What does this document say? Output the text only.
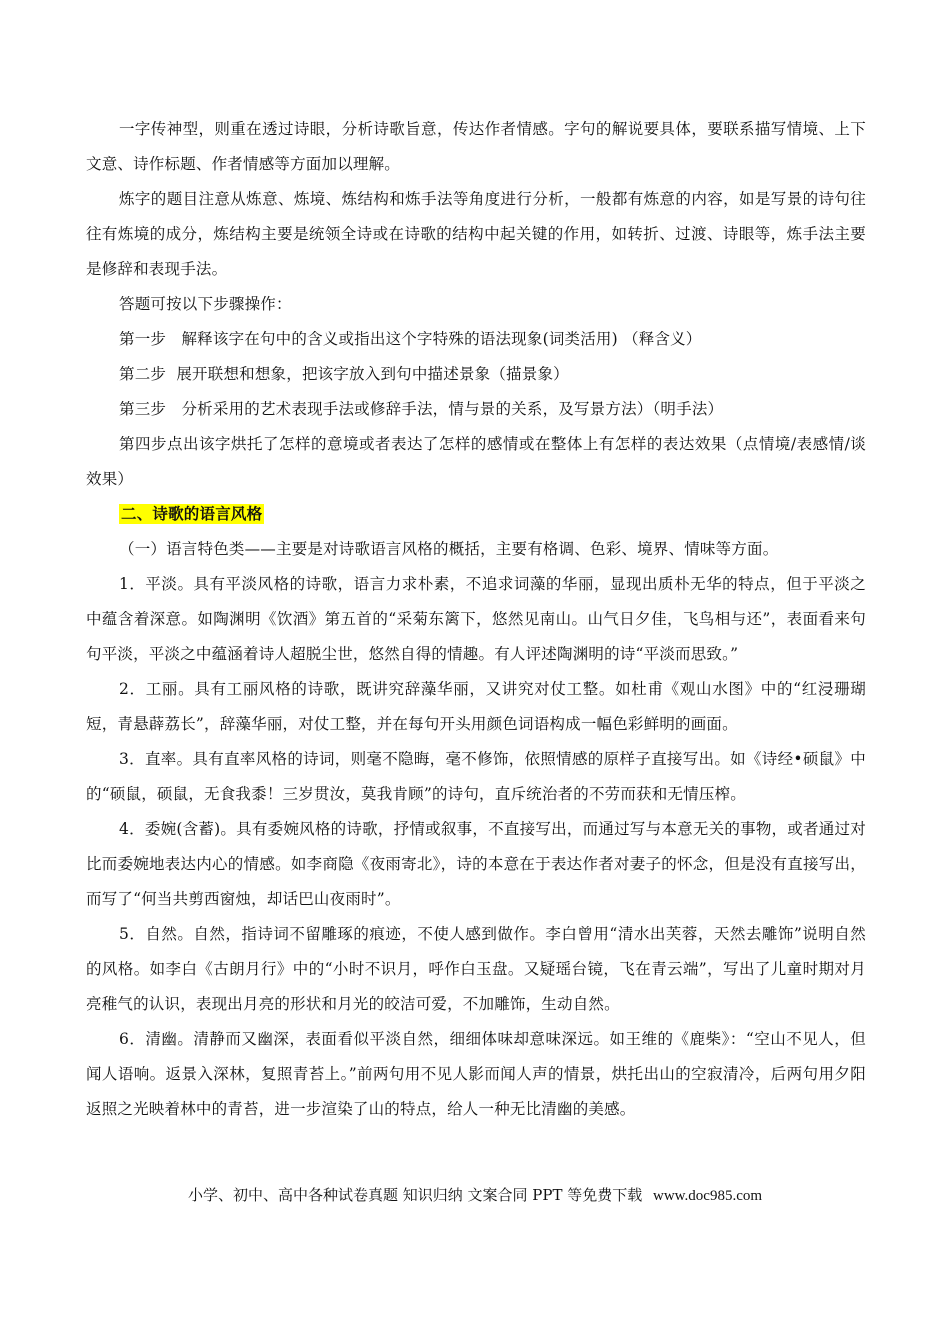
一字传神型，则重在透过诗眼，分析诗歌旨意，传达作者情感。字句的解说要具体，要联系描写情境、上下文意、诗作标题、作者情感等方面加以理解。

炼字的题目注意从炼意、炼境、炼结构和炼手法等角度进行分析，一般都有炼意的内容，如是写景的诗句往往有炼境的成分，炼结构主要是统领全诗或在诗歌的结构中起关键的作用，如转折、过渡、诗眼等，炼手法主要是修辞和表现手法。

答题可按以下步骤操作：

第一步   解释该字在句中的含义或指出这个字特殊的语法现象(词类活用) （释含义）

第二步  展开联想和想象，把该字放入到句中描述景象（描景象）

第三步   分析采用的艺术表现手法或修辞手法，情与景的关系，及写景方法）（明手法）

第四步点出该字烘托了怎样的意境或者表达了怎样的感情或在整体上有怎样的表达效果（点情境/表感情/谈效果）

二、诗歌的语言风格

（一）语言特色类——主要是对诗歌语言风格的概括，主要有格调、色彩、境界、情味等方面。

1．平淡。具有平淡风格的诗歌，语言力求朴素，不追求词藻的华丽，显现出质朴无华的特点，但于平淡之中蕴含着深意。如陶渊明《饮酒》第五首的“采菊东篱下，悠然见南山。山气日夕佳，飞鸟相与还”，表面看来句句平淡，平淡之中蕴涵着诗人超脱尘世，悠然自得的情趣。有人评述陶渊明的诗“平淡而思致。”

2．工丽。具有工丽风格的诗歌，既讲究辞藻华丽，又讲究对仗工整。如杜甫《观山水图》中的“红浸珊瑚短，青悬薜荔长”，辞藻华丽，对仗工整，并在每句开头用颜色词语构成一幅色彩鲜明的画面。

3．直率。具有直率风格的诗词，则毫不隐晦，毫不修饰，依照情感的原样子直接写出。如《诗经•硕鼠》中的“硕鼠，硕鼠，无食我黍！三岁贯汝，莫我肯顾”的诗句，直斥统治者的不劳而获和无情压榨。

4．委婉(含蓄)。具有委婉风格的诗歌，抒情或叙事，不直接写出，而通过写与本意无关的事物，或者通过对比而委婉地表达内心的情感。如李商隐《夜雨寄北》，诗的本意在于表达作者对妻子的怀念，但是没有直接写出，而写了“何当共剪西窗烛，却话巴山夜雨时”。

5．自然。自然，指诗词不留雕琢的痕迹，不使人感到做作。李白曾用“清水出芙蓉，天然去雕饰”说明自然的风格。如李白《古朗月行》中的“小时不识月，呼作白玉盘。又疑瑶台镜，飞在青云端”，写出了儿童时期对月亮稚气的认识，表现出月亮的形状和月光的皎洁可爱，不加雕饰，生动自然。

6．清幽。清静而又幽深，表面看似平淡自然，细细体味却意味深远。如王维的《鹿柴》：“空山不见人，但闻人语响。返景入深林，复照青苔上。”前两句用不见人影而闻人声的情景，烘托出山的空寂清冷，后两句用夕阳返照之光映着林中的青苔，进一步渲染了山的特点，给人一种无比清幽的美感。

小学、初中、高中各种试卷真题 知识归纳 文案合同 PPT 等免费下载 www.doc985.com
